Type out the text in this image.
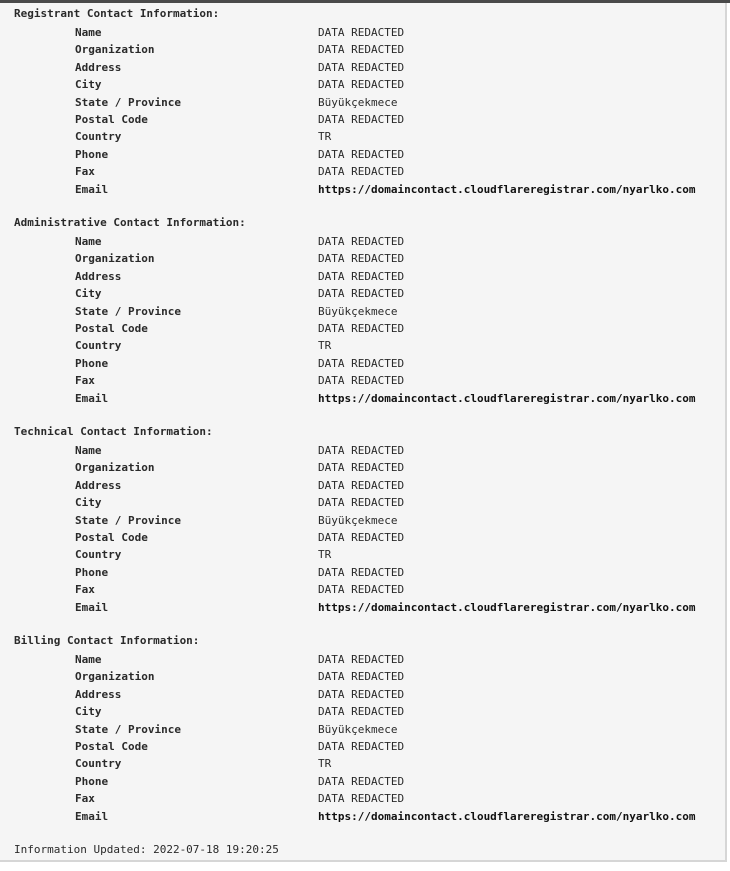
Registrant Contact Information:
Name	DATA REDACTED
Organization	DATA REDACTED
Address	DATA REDACTED
City	DATA REDACTED
State / Province	Büyükçekmece
Postal Code	DATA REDACTED
Country	TR
Phone	DATA REDACTED
Fax	DATA REDACTED
Email	https://domaincontact.cloudflareregistrar.com/nyarlko.com
Administrative Contact Information:
Name	DATA REDACTED
Organization	DATA REDACTED
Address	DATA REDACTED
City	DATA REDACTED
State / Province	Büyükçekmece
Postal Code	DATA REDACTED
Country	TR
Phone	DATA REDACTED
Fax	DATA REDACTED
Email	https://domaincontact.cloudflareregistrar.com/nyarlko.com
Technical Contact Information:
Name	DATA REDACTED
Organization	DATA REDACTED
Address	DATA REDACTED
City	DATA REDACTED
State / Province	Büyükçekmece
Postal Code	DATA REDACTED
Country	TR
Phone	DATA REDACTED
Fax	DATA REDACTED
Email	https://domaincontact.cloudflareregistrar.com/nyarlko.com
Billing Contact Information:
Name	DATA REDACTED
Organization	DATA REDACTED
Address	DATA REDACTED
City	DATA REDACTED
State / Province	Büyükçekmece
Postal Code	DATA REDACTED
Country	TR
Phone	DATA REDACTED
Fax	DATA REDACTED
Email	https://domaincontact.cloudflareregistrar.com/nyarlko.com
Information Updated: 2022-07-18 19:20:25
